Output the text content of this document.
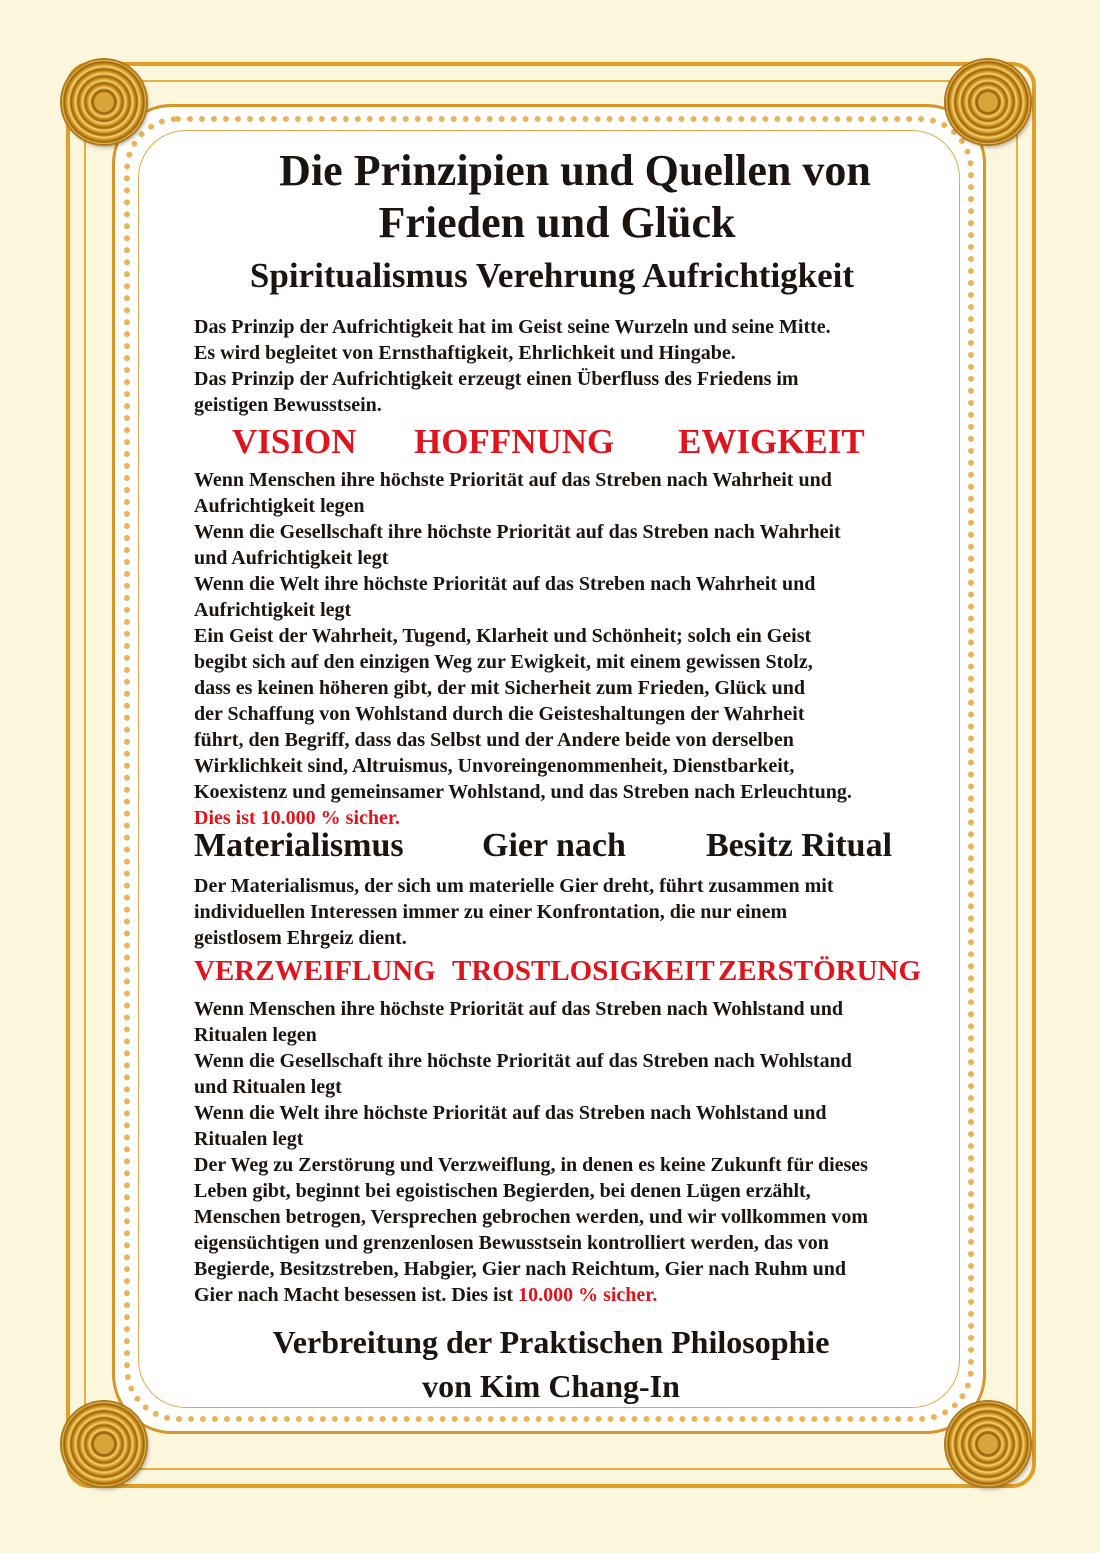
Die Prinzipien und Quellen von
Frieden und Glück
Spiritualismus Verehrung Aufrichtigkeit
Das Prinzip der Aufrichtigkeit hat im Geist seine Wurzeln und seine Mitte.
Es wird begleitet von Ernsthaftigkeit, Ehrlichkeit und Hingabe.
Das Prinzip der Aufrichtigkeit erzeugt einen Überfluss des Friedens im
geistigen Bewusstsein.
VISION HOFFNUNG EWIGKEIT
Wenn Menschen ihre höchste Priorität auf das Streben nach Wahrheit und
Aufrichtigkeit legen
Wenn die Gesellschaft ihre höchste Priorität auf das Streben nach Wahrheit
und Aufrichtigkeit legt
Wenn die Welt ihre höchste Priorität auf das Streben nach Wahrheit und
Aufrichtigkeit legt
Ein Geist der Wahrheit, Tugend, Klarheit und Schönheit; solch ein Geist
begibt sich auf den einzigen Weg zur Ewigkeit, mit einem gewissen Stolz,
dass es keinen höheren gibt, der mit Sicherheit zum Frieden, Glück und
der Schaffung von Wohlstand durch die Geisteshaltungen der Wahrheit
führt, den Begriff, dass das Selbst und der Andere beide von derselben
Wirklichkeit sind, Altruismus, Unvoreingenommenheit, Dienstbarkeit,
Koexistenz und gemeinsamer Wohlstand, und das Streben nach Erleuchtung.
Dies ist 10.000 % sicher.
Materialismus Gier nach Besitz Ritual
Der Materialismus, der sich um materielle Gier dreht, führt zusammen mit
individuellen Interessen immer zu einer Konfrontation, die nur einem
geistlosem Ehrgeiz dient.
VERZWEIFLUNG TROSTLOSIGKEIT ZERSTÖRUNG
Wenn Menschen ihre höchste Priorität auf das Streben nach Wohlstand und
Ritualen legen
Wenn die Gesellschaft ihre höchste Priorität auf das Streben nach Wohlstand
und Ritualen legt
Wenn die Welt ihre höchste Priorität auf das Streben nach Wohlstand und
Ritualen legt
Der Weg zu Zerstörung und Verzweiflung, in denen es keine Zukunft für dieses
Leben gibt, beginnt bei egoistischen Begierden, bei denen Lügen erzählt,
Menschen betrogen, Versprechen gebrochen werden, und wir vollkommen vom
eigensüchtigen und grenzenlosen Bewusstsein kontrolliert werden, das von
Begierde, Besitzstreben, Habgier, Gier nach Reichtum, Gier nach Ruhm und
Gier nach Macht besessen ist. Dies ist 10.000 % sicher.
Verbreitung der Praktischen Philosophie
von Kim Chang-In
